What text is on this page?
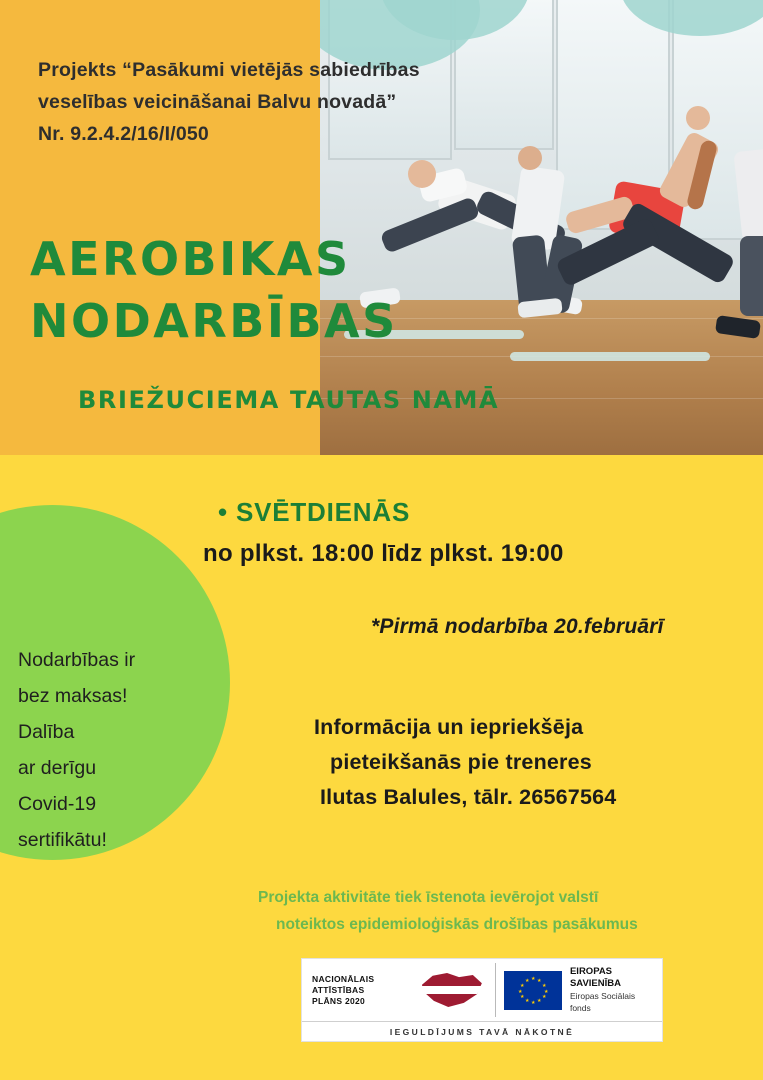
Projekts “Pasākumi vietējās sabiedrības
veselības veicināšanai Balvu novadā”
Nr. 9.2.4.2/16/I/050
AEROBIKAS
NODARBĪBAS
BRIEŽUCIEMA TAUTAS NAMĀ
Nodarbības ir
bez maksas!
Dalība
ar derīgu
Covid-19
sertifikātu!
• SVĒTDIENĀS
no plkst. 18:00 līdz plkst. 19:00
*Pirmā nodarbība 20.februārī
Informācija un iepriekšēja
pieteikšanās pie treneres
Ilutas Balules, tālr. 26567564
Projekta aktivitāte tiek īstenota ievērojot valstī
noteiktos epidemioloģiskās drošības pasākumus
NACIONĀLAIS
ATTĪSTĪBAS
PLĀNS 2020
★ ★
★
★
★
★
★
★
★
★
★
★
EIROPAS SAVIENĪBA
Eiropas Sociālais
fonds
IEGULDĪJUMS TAVĀ NĀKOTNĒ
